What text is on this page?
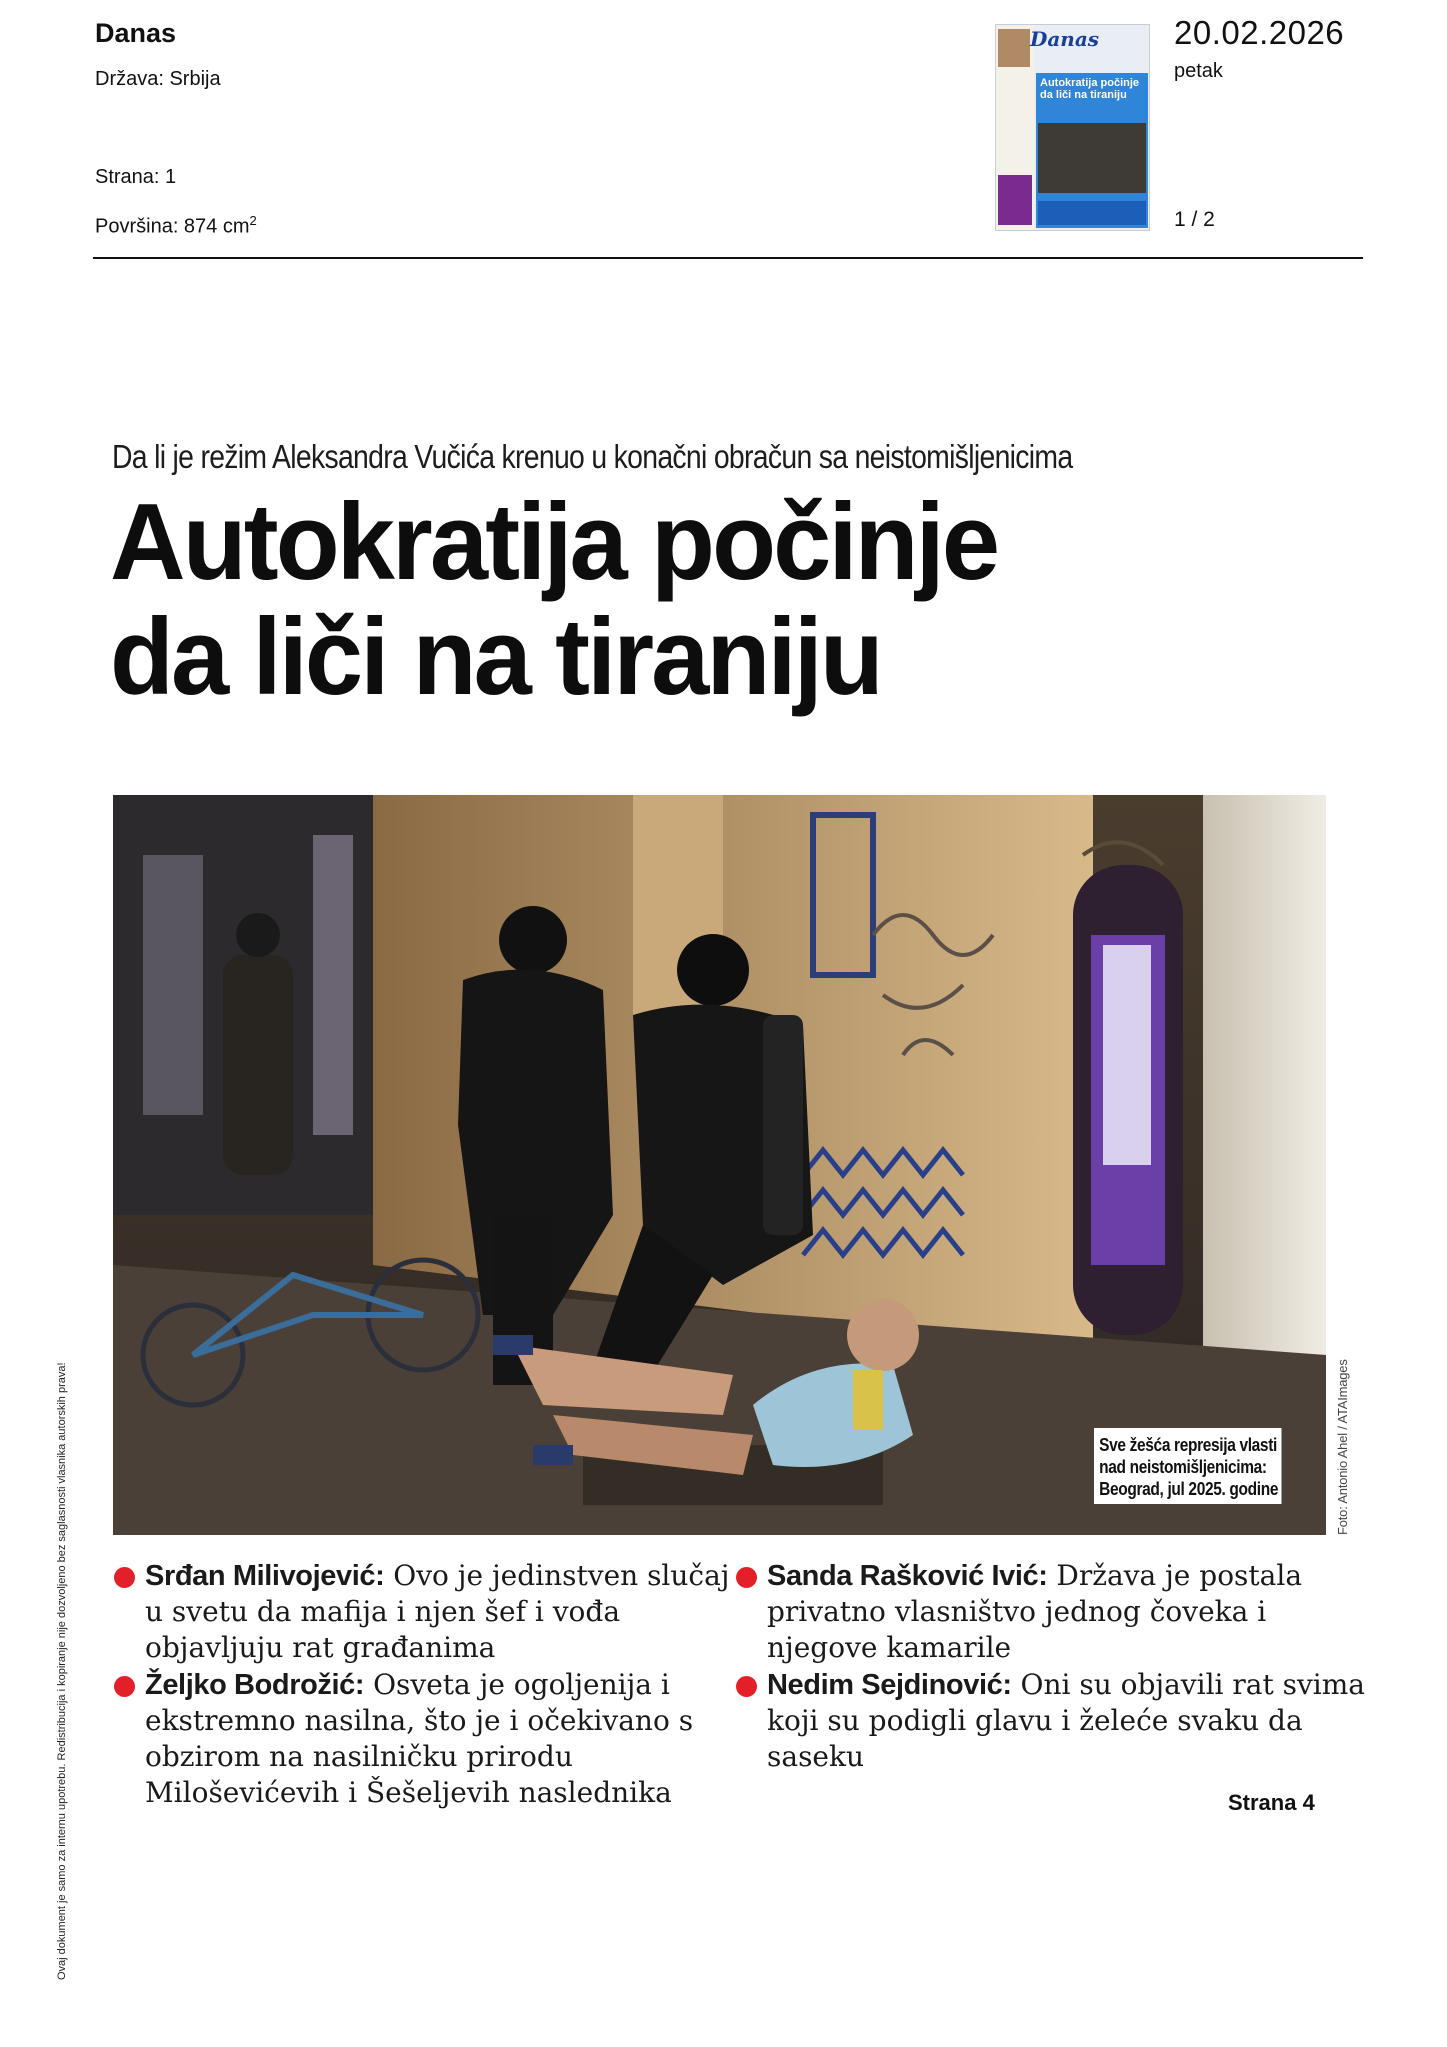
Danas
Država: Srbija
Strana: 1
Površina: 874 $cm^2$
Danas
Autokratija počinje da liči na tiraniju
20.02.2026
petak
1 / 2
Da li je režim Aleksandra Vučića krenuo u konačni obračun sa neistomišljenicima
Autokratija počinje
da liči na tiraniju
Sve žešća represija vlasti
nad neistomišljenicima:
Beograd, jul 2025. godine	Foto: Antonio Ahel / ATAImages
Srđan Milivojević: Ovo je jedinstven slučaj u svetu da mafija i njen šef i vođa objavljuju rat građanima
Željko Bodrožić: Osveta je ogoljenija i ekstremno nasilna, što je i očekivano s obzirom na nasilničku prirodu Miloševićevih i Šešeljevih naslednika
Sanda Rašković Ivić: Država je postala privatno vlasništvo jednog čoveka i njegove kamarile
Nedim Sejdinović: Oni su objavili rat svima koji su podigli glavu i želeće svaku da saseku
Strana 4
Ovaj dokument je samo za internu upotrebu. Redistribucija i kopiranje nije dozvoljeno bez saglasnosti vlasnika autorskih prava!
